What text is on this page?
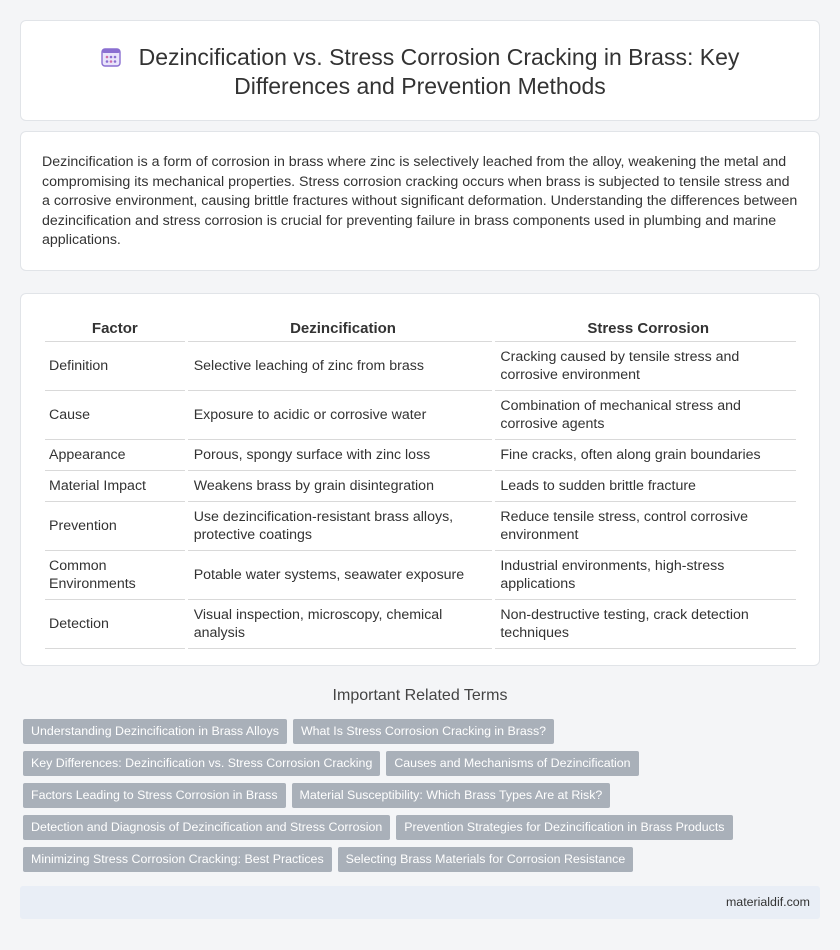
Dezincification vs. Stress Corrosion Cracking in Brass: Key Differences and Prevention Methods

Dezincification is a form of corrosion in brass where zinc is selectively leached from the alloy, weakening the metal and compromising its mechanical properties. Stress corrosion cracking occurs when brass is subjected to tensile stress and a corrosive environment, causing brittle fractures without significant deformation. Understanding the differences between dezincification and stress corrosion is crucial for preventing failure in brass components used in plumbing and marine applications.

Factor	Dezincification	Stress Corrosion
Definition	Selective leaching of zinc from brass	Cracking caused by tensile stress and corrosive environment
Cause	Exposure to acidic or corrosive water	Combination of mechanical stress and corrosive agents
Appearance	Porous, spongy surface with zinc loss	Fine cracks, often along grain boundaries
Material Impact	Weakens brass by grain disintegration	Leads to sudden brittle fracture
Prevention	Use dezincification-resistant brass alloys, protective coatings	Reduce tensile stress, control corrosive environment
Common Environments	Potable water systems, seawater exposure	Industrial environments, high-stress applications
Detection	Visual inspection, microscopy, chemical analysis	Non-destructive testing, crack detection techniques
Important Related Terms
Understanding Dezincification in Brass Alloys What Is Stress Corrosion Cracking in Brass?
Key Differences: Dezincification vs. Stress Corrosion Cracking Causes and Mechanisms of Dezincification
Factors Leading to Stress Corrosion in Brass Material Susceptibility: Which Brass Types Are at Risk?
Detection and Diagnosis of Dezincification and Stress Corrosion Prevention Strategies for Dezincification in Brass Products
Minimizing Stress Corrosion Cracking: Best Practices Selecting Brass Materials for Corrosion Resistance
materialdif.com
